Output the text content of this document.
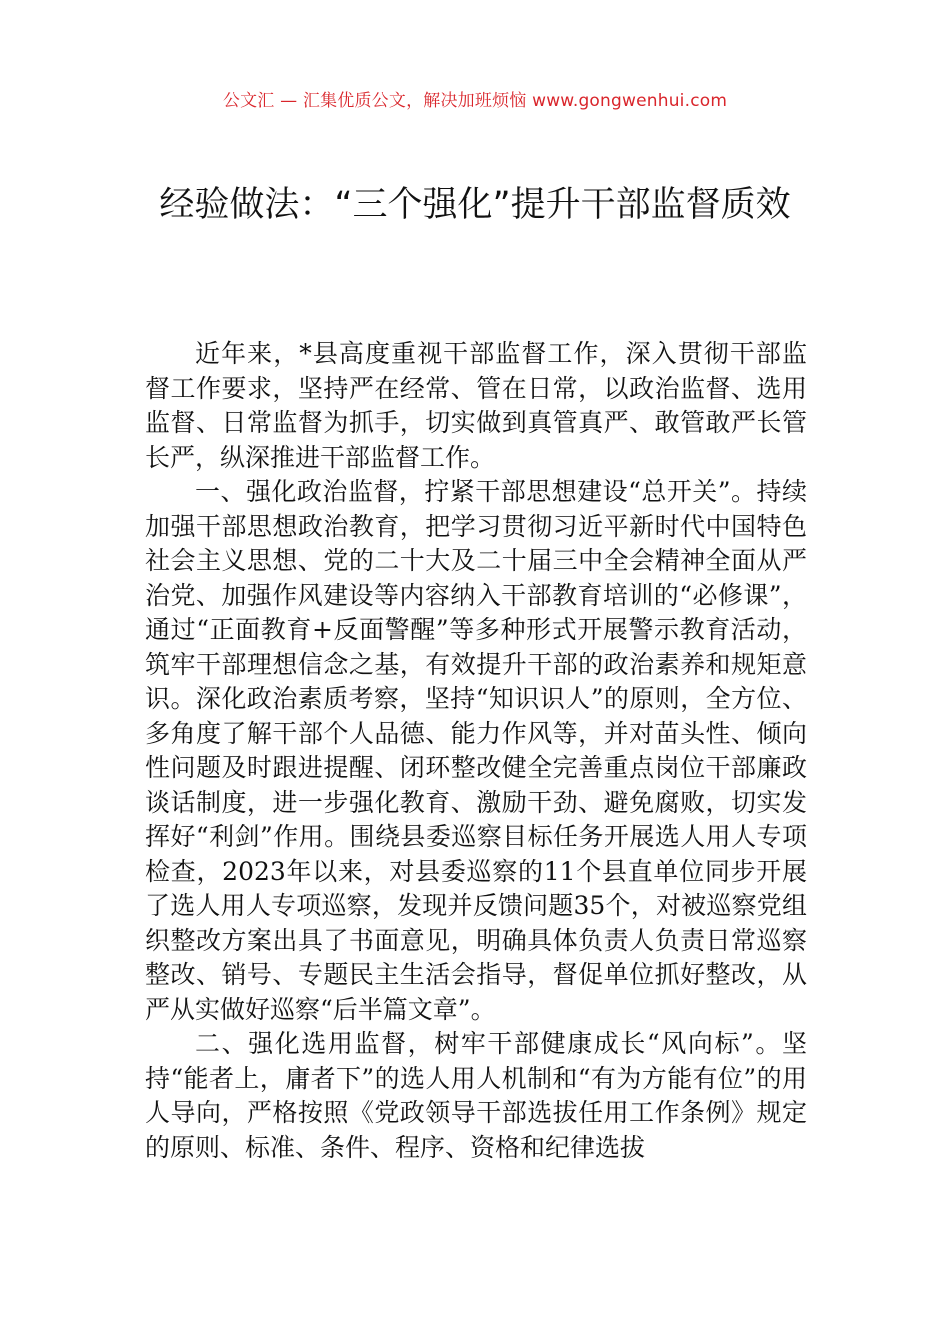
公文汇 — 汇集优质公文，解决加班烦恼 www.gongwenhui.com
经验做法：“三个强化”提升干部监督质效

近年来，*县高度重视干部监督工作，深入贯彻干部监督工作要求，坚持严在经常、管在日常，以政治监督、选用监督、日常监督为抓手，切实做到真管真严、敢管敢严长管长严，纵深推进干部监督工作。

一、强化政治监督，拧紧干部思想建设“总开关”。持续加强干部思想政治教育，把学习贯彻习近平新时代中国特色社会主义思想、党的二十大及二十届三中全会精神全面从严治党、加强作风建设等内容纳入干部教育培训的“必修课”，通过“正面教育+反面警醒”等多种形式开展警示教育活动，筑牢干部理想信念之基，有效提升干部的政治素养和规矩意识。深化政治素质考察，坚持“知识识人”的原则，全方位、多角度了解干部个人品德、能力作风等，并对苗头性、倾向性问题及时跟进提醒、闭环整改健全完善重点岗位干部廉政谈话制度，进一步强化教育、激励干劲、避免腐败，切实发挥好“利剑”作用。围绕县委巡察目标任务开展选人用人专项检查，2023年以来，对县委巡察的11个县直单位同步开展了选人用人专项巡察，发现并反馈问题35个，对被巡察党组织整改方案出具了书面意见，明确具体负责人负责日常巡察整改、销号、专题民主生活会指导，督促单位抓好整改，从严从实做好巡察“后半篇文章”。

二、强化选用监督，树牢干部健康成长“风向标”。坚持“能者上，庸者下”的选人用人机制和“有为方能有位”的用人导向，严格按照《党政领导干部选拔任用工作条例》规定的原则、标准、条件、程序、资格和纪律选拔
